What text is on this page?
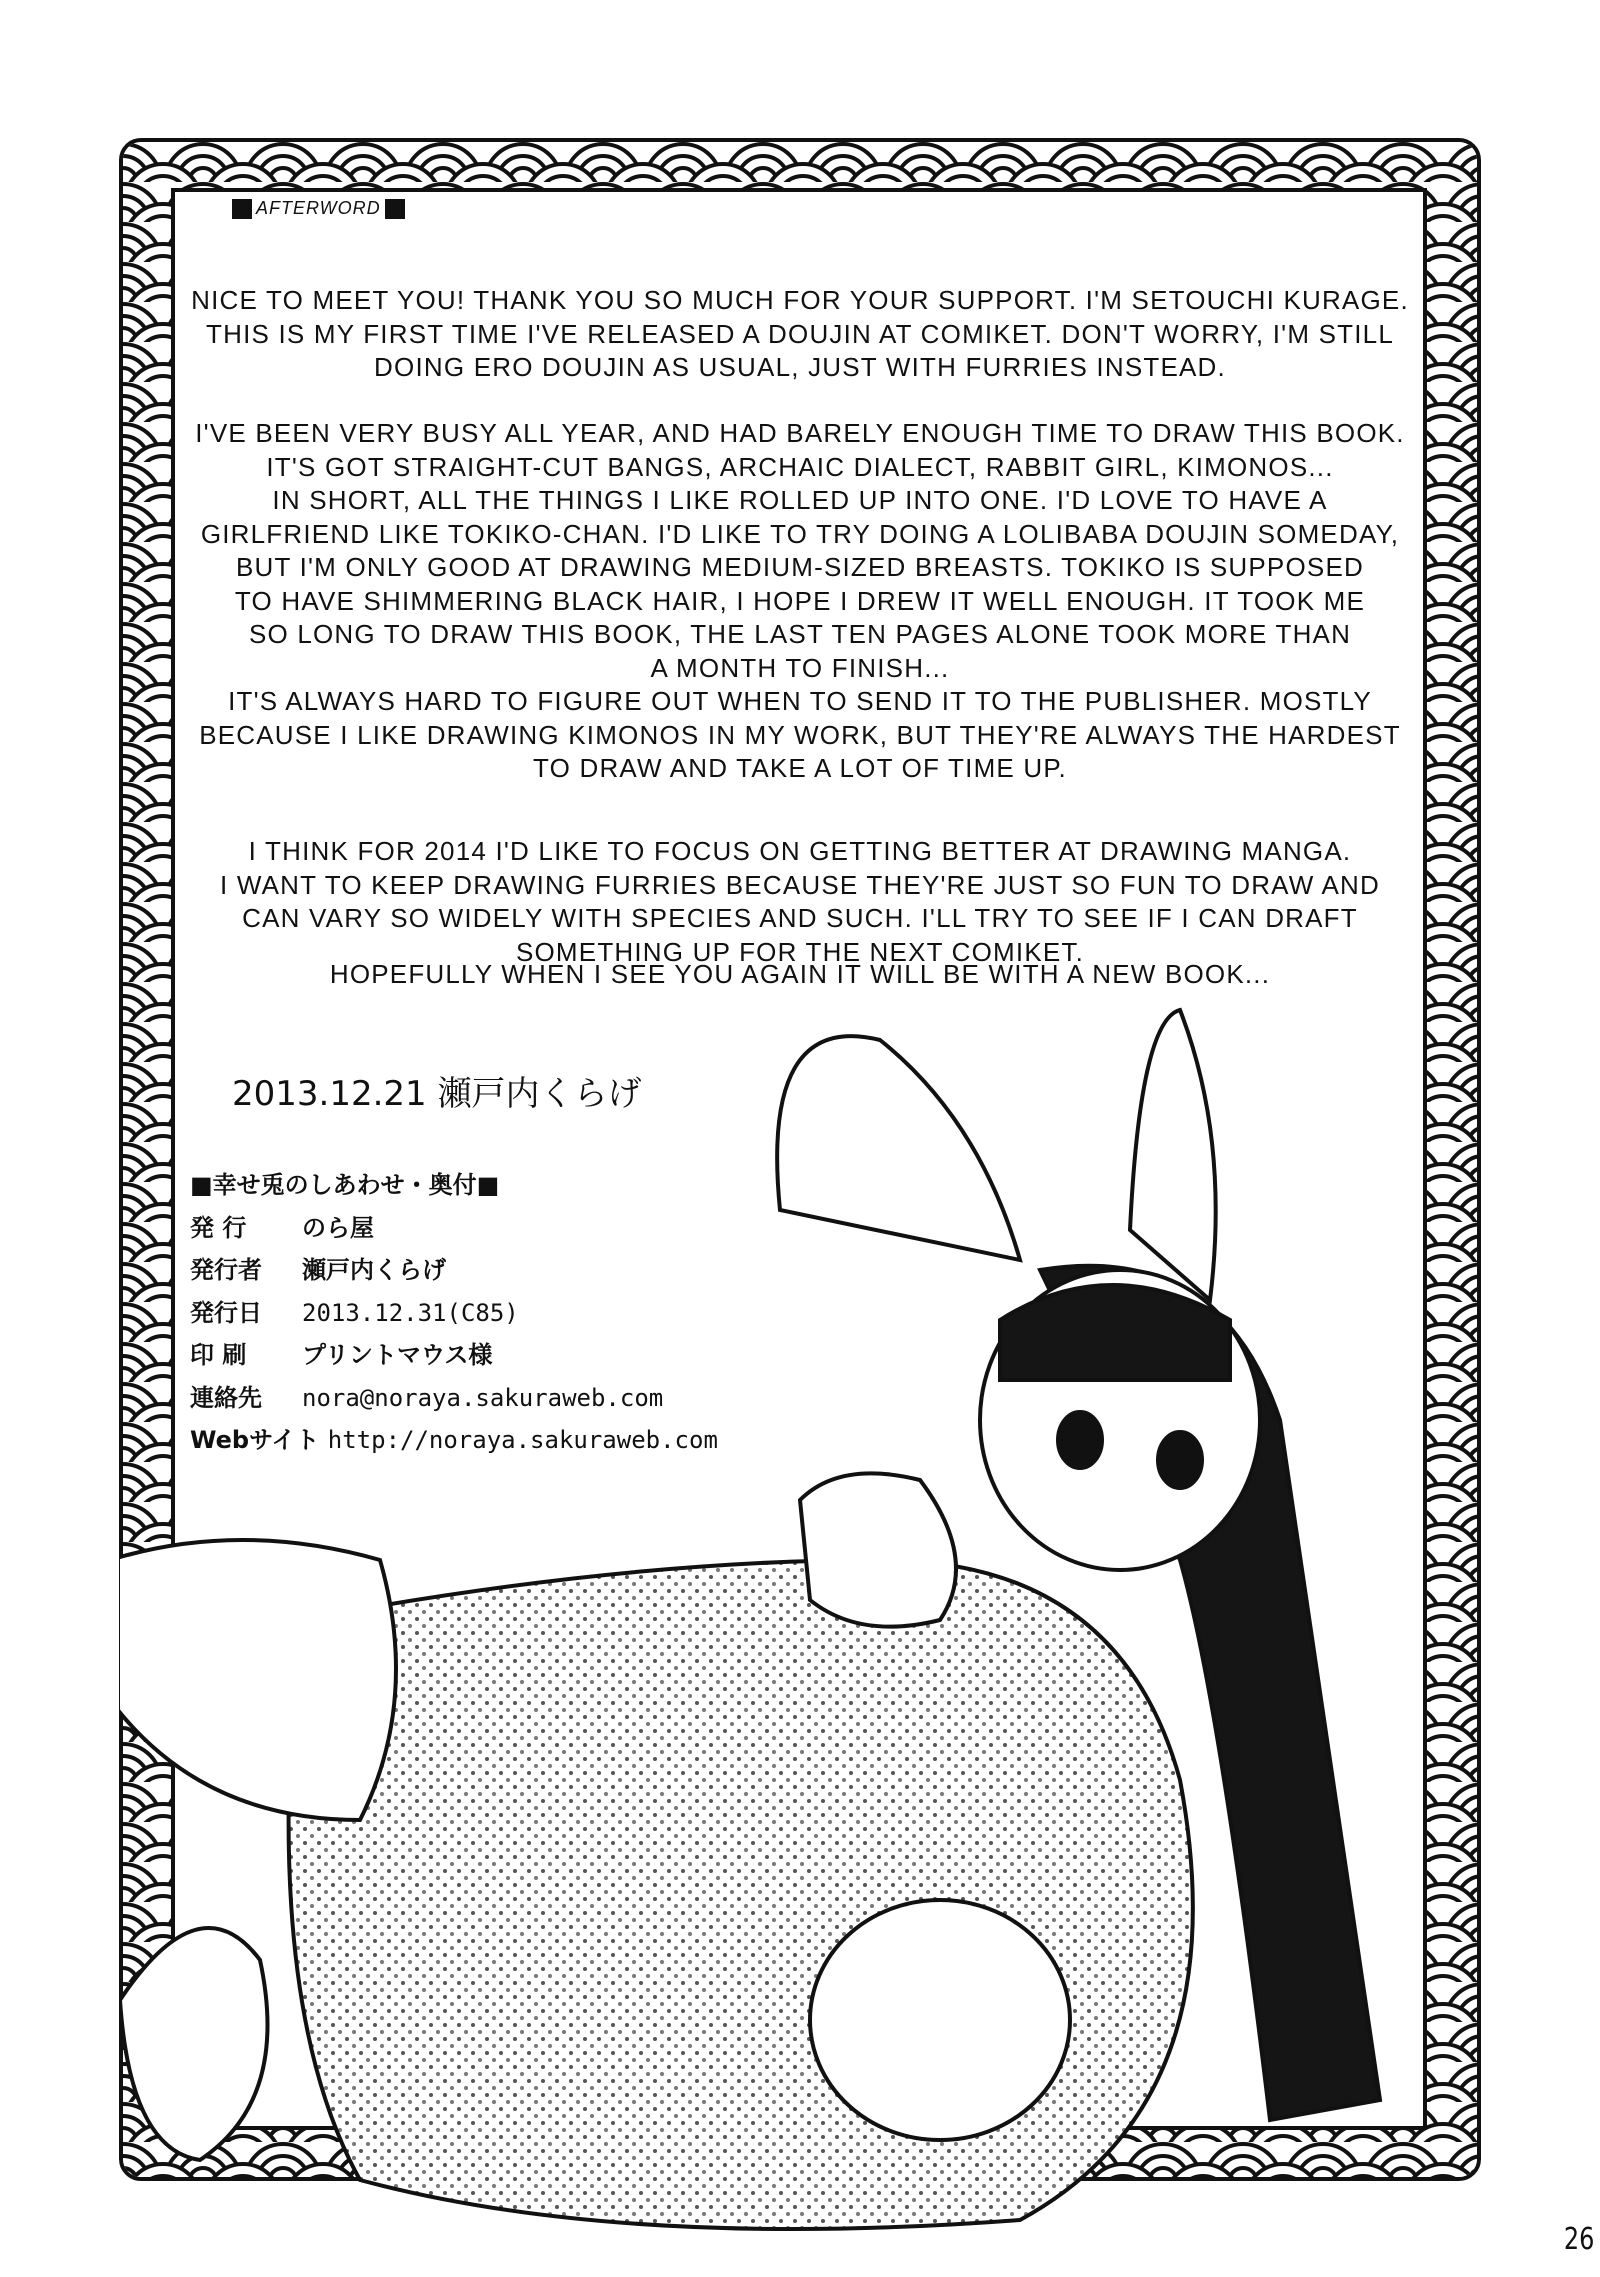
AFTERWORD
NICE TO MEET YOU! THANK YOU SO MUCH FOR YOUR SUPPORT. I'M SETOUCHI KURAGE.
THIS IS MY FIRST TIME I'VE RELEASED A DOUJIN AT COMIKET. DON'T WORRY, I'M STILL
DOING ERO DOUJIN AS USUAL, JUST WITH FURRIES INSTEAD.
I'VE BEEN VERY BUSY ALL YEAR, AND HAD BARELY ENOUGH TIME TO DRAW THIS BOOK.
IT'S GOT STRAIGHT-CUT BANGS, ARCHAIC DIALECT, RABBIT GIRL, KIMONOS...
IN SHORT, ALL THE THINGS I LIKE ROLLED UP INTO ONE. I'D LOVE TO HAVE A
GIRLFRIEND LIKE TOKIKO-CHAN. I'D LIKE TO TRY DOING A LOLIBABA DOUJIN SOMEDAY,
BUT I'M ONLY GOOD AT DRAWING MEDIUM-SIZED BREASTS. TOKIKO IS SUPPOSED
TO HAVE SHIMMERING BLACK HAIR, I HOPE I DREW IT WELL ENOUGH. IT TOOK ME
SO LONG TO DRAW THIS BOOK, THE LAST TEN PAGES ALONE TOOK MORE THAN
A MONTH TO FINISH...
IT'S ALWAYS HARD TO FIGURE OUT WHEN TO SEND IT TO THE PUBLISHER. MOSTLY
BECAUSE I LIKE DRAWING KIMONOS IN MY WORK, BUT THEY'RE ALWAYS THE HARDEST
TO DRAW AND TAKE A LOT OF TIME UP.
I THINK FOR 2014 I'D LIKE TO FOCUS ON GETTING BETTER AT DRAWING MANGA.
I WANT TO KEEP DRAWING FURRIES BECAUSE THEY'RE JUST SO FUN TO DRAW AND
CAN VARY SO WIDELY WITH SPECIES AND SUCH. I'LL TRY TO SEE IF I CAN DRAFT
SOMETHING UP FOR THE NEXT COMIKET.
HOPEFULLY WHEN I SEE YOU AGAIN IT WILL BE WITH A NEW BOOK...
2013.12.21 瀬戸内くらげ
■幸せ兎のしあわせ・奥付■
発 行 のら屋
発行者 瀬戸内くらげ
発行日 2013.12.31(C85)
印 刷 プリントマウス様
連絡先 nora@noraya.sakuraweb.com
Webサイト http://noraya.sakuraweb.com
26
